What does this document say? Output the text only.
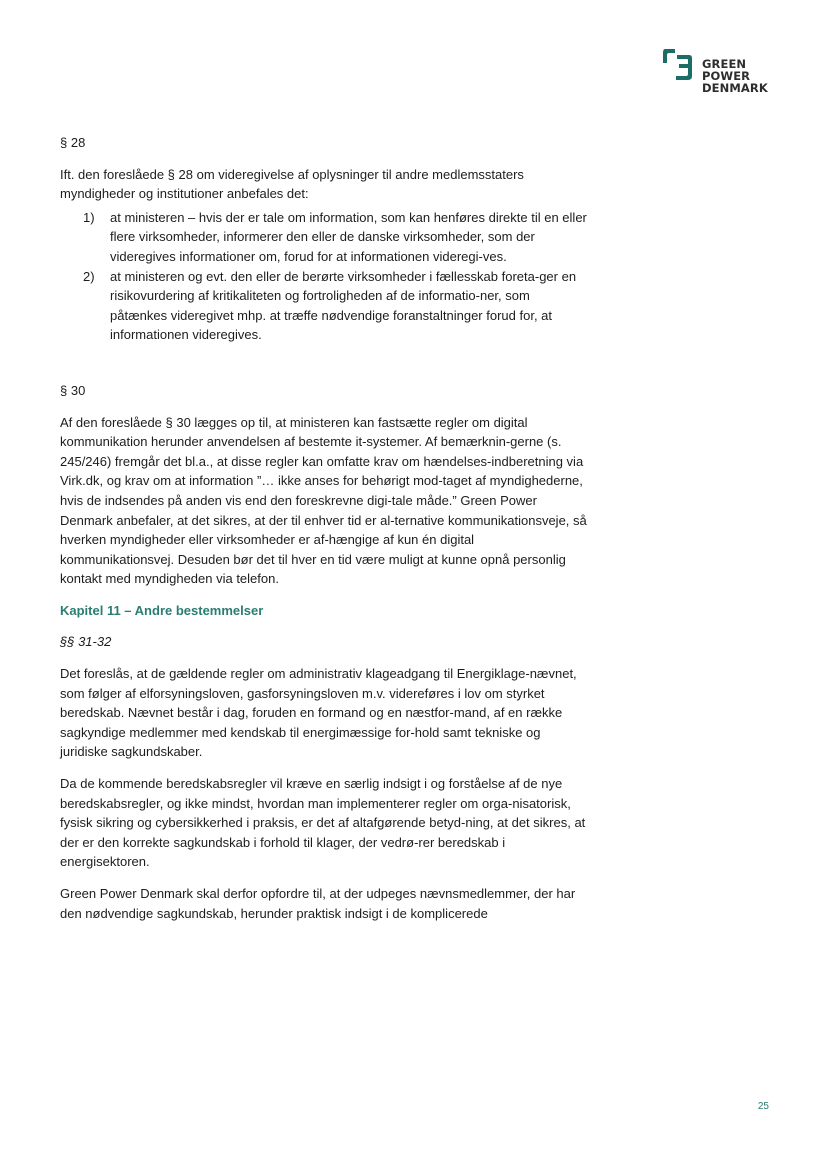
GREEN
POWER
DENMARK

§ 28

Ift. den foreslåede § 28 om videregivelse af oplysninger til andre medlemsstaters myndigheder og institutioner anbefales det:

1)	at ministeren – hvis der er tale om information, som kan henføres direkte til en eller flere virksomheder, informerer den eller de danske virksomheder, som der videregives informationer om, forud for at informationen videregi-ves.
2)	at ministeren og evt. den eller de berørte virksomheder i fællesskab foreta-ger en risikovurdering af kritikaliteten og fortroligheden af de informatio-ner, som påtænkes videregivet mhp. at træffe nødvendige foranstaltninger forud for, at informationen videregives.

§ 30

Af den foreslåede § 30 lægges op til, at ministeren kan fastsætte regler om digital kommunikation herunder anvendelsen af bestemte it-systemer. Af bemærknin-gerne (s. 245/246) fremgår det bl.a., at disse regler kan omfatte krav om hændelses-indberetning via Virk.dk, og krav om at information ”… ikke anses for behørigt mod-taget af myndighederne, hvis de indsendes på anden vis end den foreskrevne digi-tale måde.” Green Power Denmark anbefaler, at det sikres, at der til enhver tid er al-ternative kommunikationsveje, så hverken myndigheder eller virksomheder er af-hængige af kun én digital kommunikationsvej. Desuden bør det til hver en tid være muligt at kunne opnå personlig kontakt med myndigheden via telefon.

Kapitel 11 – Andre bestemmelser

§§ 31-32

Det foreslås, at de gældende regler om administrativ klageadgang til Energiklage-nævnet, som følger af elforsyningsloven, gasforsyningsloven m.v. videreføres i lov om styrket beredskab. Nævnet består i dag, foruden en formand og en næstfor-mand, af en række sagkyndige medlemmer med kendskab til energimæssige for-hold samt tekniske og juridiske sagkundskaber.

Da de kommende beredskabsregler vil kræve en særlig indsigt i og forståelse af de nye beredskabsregler, og ikke mindst, hvordan man implementerer regler om orga-nisatorisk, fysisk sikring og cybersikkerhed i praksis, er det af altafgørende betyd-ning, at det sikres, at der er den korrekte sagkundskab i forhold til klager, der vedrø-rer beredskab i energisektoren.

Green Power Denmark skal derfor opfordre til, at der udpeges nævnsmedlemmer, der har den nødvendige sagkundskab, herunder praktisk indsigt i de komplicerede

25
